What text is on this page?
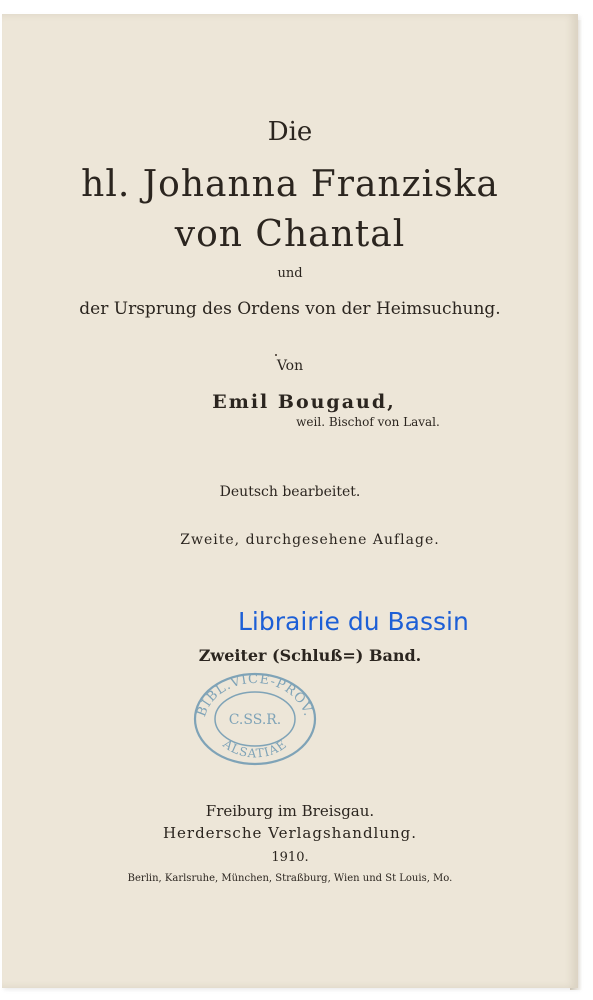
Die
hl. Johanna Franziska
von Chantal
und
der Ursprung des Ordens von der Heimsuchung.
Von
Emil Bougaud,
weil. Bischof von Laval.
Deutsch bearbeitet.
Zweite, durchgesehene Auflage.
Zweiter (Schluß=) Band.
Freiburg im Breisgau.
Herdersche Verlagshandlung.
1910.
Berlin, Karlsruhe, München, Straßburg, Wien und St Louis, Mo.
Librairie du Bassin
BIBL.VICE-PROV.
C.SS.R.
ALSATIAE
